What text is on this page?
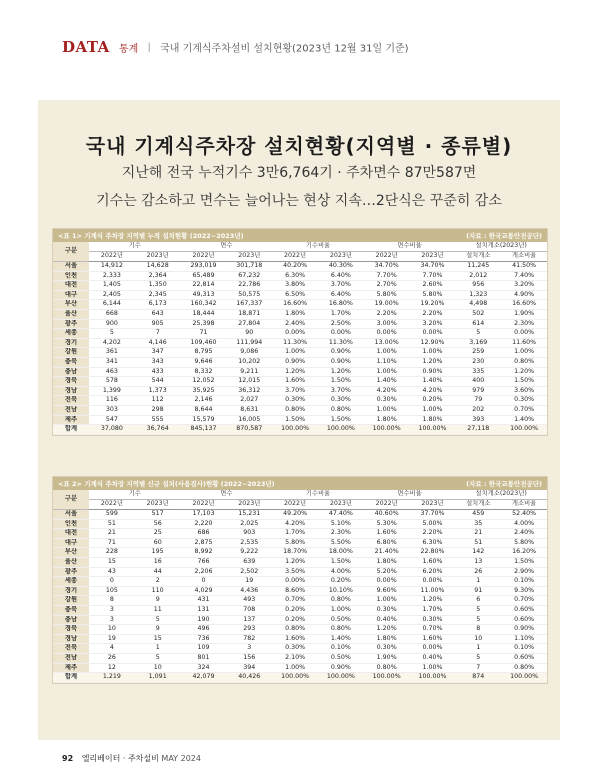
DATA 통계 | 국내 기계식주차설비 설치현황(2023년 12월 31일 기준)
국내 기계식주차장 설치현황(지역별 · 종류별)
지난해 전국 누적기수 3만6,764기 · 주차면수 87만587면
기수는 감소하고 면수는 늘어나는 현상 지속…2단식은 꾸준히 감소
<표 1> 기계식 주차장 지역별 누적 설치현황 (2022~2023년)	(자료 : 한국교통안전공단)
구분	기수		면수		기수비율		면수비율		설치개소(2023년)	
	2022년	2023년	2022년	2023년	2022년	2023년	2022년	2023년	설치개소	개소비율
서울	14,912	14,628	293,019	301,718	40.20%	40.30%	34.70%	34.70%	11,245	41.50%
인천	2,333	2,364	65,489	67,232	6.30%	6.40%	7.70%	7.70%	2,012	7.40%
대전	1,405	1,350	22,814	22,786	3.80%	3.70%	2.70%	2.60%	956	3.20%
대구	2,405	2,345	49,313	50,575	6.50%	6.40%	5.80%	5.80%	1,323	4.90%
부산	6,144	6,173	160,342	167,337	16.60%	16.80%	19.00%	19.20%	4,498	16.60%
울산	668	643	18,444	18,871	1.80%	1.70%	2.20%	2.20%	502	1.90%
광주	900	905	25,398	27,804	2.40%	2.50%	3.00%	3.20%	614	2.30%
세종	5	7	71	90	0.00%	0.00%	0.00%	0.00%	5	0.00%
경기	4,202	4,146	109,460	111,994	11.30%	11.30%	13.00%	12.90%	3,169	11.60%
강원	361	347	8,795	9,086	1.00%	0.90%	1.00%	1.00%	259	1.00%
충북	341	343	9,646	10,202	0.90%	0.90%	1.10%	1.20%	230	0.80%
충남	463	433	8,332	9,211	1.20%	1.20%	1.00%	0.90%	335	1.20%
경북	578	544	12,052	12,015	1.60%	1.50%	1.40%	1.40%	400	1.50%
경남	1,399	1,373	35,925	36,312	3.70%	3.70%	4.20%	4.20%	979	3.60%
전북	116	112	2,146	2,027	0.30%	0.30%	0.30%	0.20%	79	0.30%
전남	303	298	8,644	8,631	0.80%	0.80%	1.00%	1.00%	202	0.70%
제주	547	555	15,579	16,005	1.50%	1.50%	1.80%	1.80%	393	1.40%
합계	37,080	36,764	845,137	870,587	100.00%	100.00%	100.00%	100.00%	27,118	100.00%
<표 2> 기계식 주차장 지역별 신규 설치(사용검사)현황 (2022~2023년)	(자료 : 한국교통안전공단)
구분	기수		면수		기수비율		면수비율		설치개소(2023년)	
	2022년	2023년	2022년	2023년	2022년	2023년	2022년	2023년	설치개소	개소비율
서울	599	517	17,103	15,231	49.20%	47.40%	40.60%	37.70%	459	52.40%
인천	51	56	2,220	2,025	4.20%	5.10%	5.30%	5.00%	35	4.00%
대전	21	25	686	903	1.70%	2.30%	1.60%	2.20%	21	2.40%
대구	71	60	2,875	2,535	5.80%	5.50%	6.80%	6.30%	51	5.80%
부산	228	195	8,992	9,222	18.70%	18.00%	21.40%	22.80%	142	16.20%
울산	15	16	766	639	1.20%	1.50%	1.80%	1.60%	13	1.50%
광주	43	44	2,206	2,502	3.50%	4.00%	5.20%	6.20%	26	2.90%
세종	0	2	0	19	0.00%	0.20%	0.00%	0.00%	1	0.10%
경기	105	110	4,029	4,436	8.60%	10.10%	9.60%	11.00%	91	9.30%
강원	8	9	431	493	0.70%	0.80%	1.00%	1.20%	6	0.70%
충북	3	11	131	708	0.20%	1.00%	0.30%	1.70%	5	0.60%
충남	3	5	190	137	0.20%	0.50%	0.40%	0.30%	5	0.60%
경북	10	9	496	293	0.80%	0.80%	1.20%	0.70%	8	0.90%
경남	19	15	736	782	1.60%	1.40%	1.80%	1.60%	10	1.10%
전북	4	1	109	3	0.30%	0.10%	0.30%	0.00%	1	0.10%
전남	26	5	801	156	2.10%	0.50%	1.90%	0.40%	5	0.60%
제주	12	10	324	394	1.00%	0.90%	0.80%	1.00%	7	0.80%
합계	1,219	1,091	42,079	40,426	100.00%	100.00%	100.00%	100.00%	874	100.00%
92 엘리베이터 · 주차설비 MAY 2024
